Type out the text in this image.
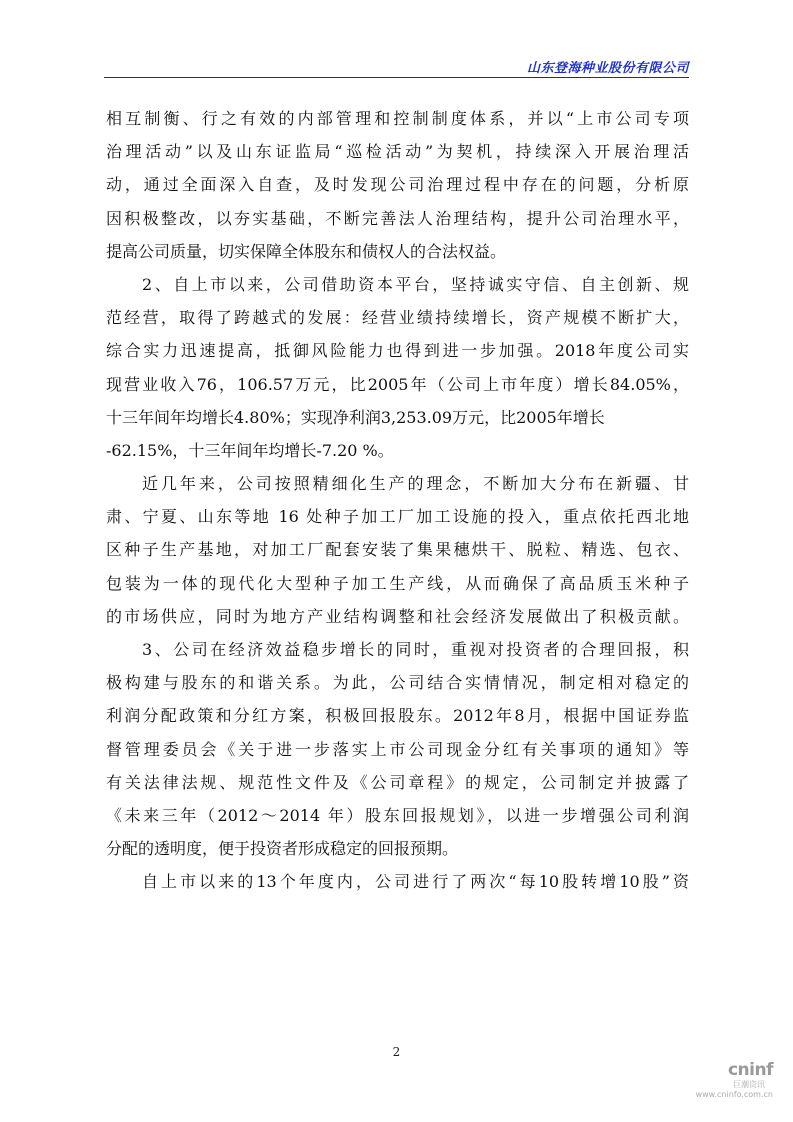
山东登海种业股份有限公司
相互制衡、行之有效的内部管理和控制制度体系，并以“上市公司专项
治理活动”以及山东证监局“巡检活动”为契机，持续深入开展治理活
动，通过全面深入自查，及时发现公司治理过程中存在的问题，分析原
因积极整改，以夯实基础，不断完善法人治理结构，提升公司治理水平，
提高公司质量，切实保障全体股东和债权人的合法权益。
2、自上市以来，公司借助资本平台，坚持诚实守信、自主创新、规
范经营，取得了跨越式的发展：经营业绩持续增长，资产规模不断扩大，
综合实力迅速提高，抵御风险能力也得到进一步加强。2018年度公司实
现营业收入76，106.57万元，比2005年（公司上市年度）增长84.05%，
十三年间年均增长4.80%；实现净利润3,253.09万元，比2005年增长
-62.15%，十三年间年均增长-7.20 %。
近几年来，公司按照精细化生产的理念，不断加大分布在新疆、甘
肃、宁夏、山东等地 16 处种子加工厂加工设施的投入，重点依托西北地
区种子生产基地，对加工厂配套安装了集果穗烘干、脱粒、精选、包衣、
包装为一体的现代化大型种子加工生产线，从而确保了高品质玉米种子
的市场供应，同时为地方产业结构调整和社会经济发展做出了积极贡献。
3、公司在经济效益稳步增长的同时，重视对投资者的合理回报，积
极构建与股东的和谐关系。为此，公司结合实情情况，制定相对稳定的
利润分配政策和分红方案，积极回报股东。2012年8月，根据中国证券监
督管理委员会《关于进一步落实上市公司现金分红有关事项的通知》等
有关法律法规、规范性文件及《公司章程》的规定，公司制定并披露了
《未来三年（2012～2014 年）股东回报规划》，以进一步增强公司利润
分配的透明度，便于投资者形成稳定的回报预期。
自上市以来的13个年度内，公司进行了两次“每10股转增10股”资
2
cninf
巨潮资讯
www.cninfo.com.cn
